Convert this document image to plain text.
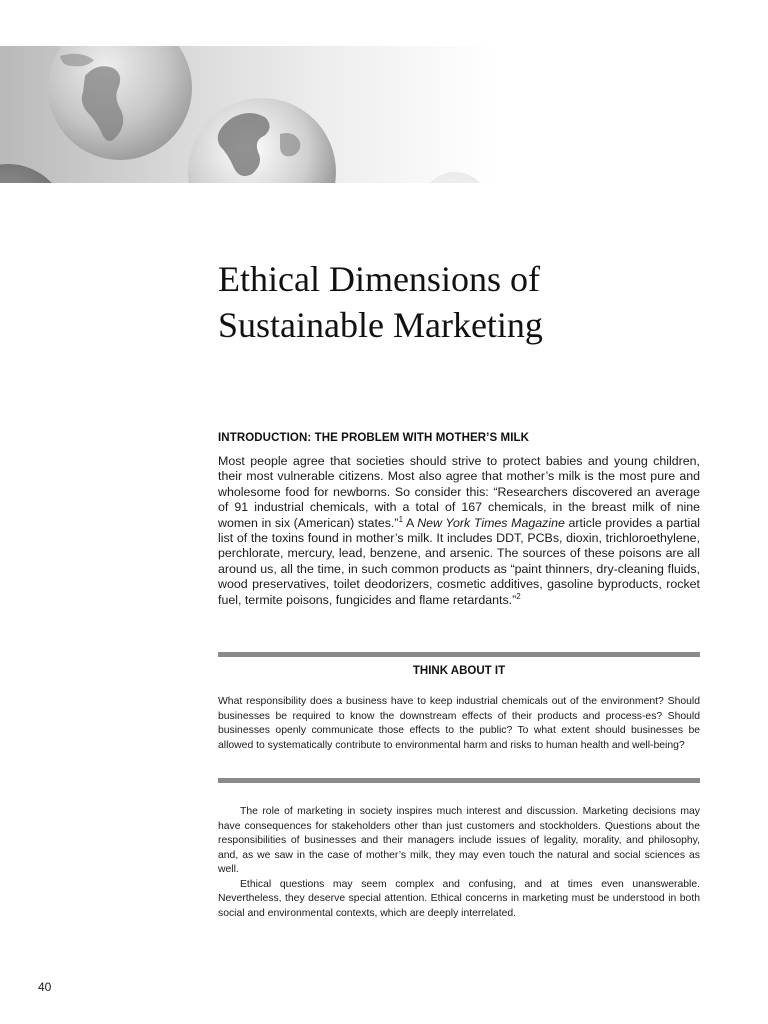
Ethical Dimensions of
Sustainable Marketing
INTRODUCTION: THE PROBLEM WITH MOTHER’S MILK

Most people agree that societies should strive to protect babies and young children, their most vulnerable citizens. Most also agree that mother’s milk is the most pure and wholesome food for newborns. So consider this: “Researchers discovered an average of 91 industrial chemicals, with a total of 167 chemicals, in the breast milk of nine women in six (American) states.”$^1$ A New York Times Magazine article provides a partial list of the toxins found in mother’s milk. It includes DDT, PCBs, dioxin, trichloroethylene, perchlorate, mercury, lead, benzene, and arsenic. The sources of these poisons are all around us, all the time, in such common products as “paint thinners, dry-cleaning fluids, wood preservatives, toilet deodorizers, cosmetic additives, gasoline byproducts, rocket fuel, termite poisons, fungicides and flame retardants.”$^2$

THINK ABOUT IT

What responsibility does a business have to keep industrial chemicals out of the environment? Should businesses be required to know the downstream effects of their products and process-es? Should businesses openly communicate those effects to the public? To what extent should businesses be allowed to systematically contribute to environmental harm and risks to human health and well-being?

The role of marketing in society inspires much interest and discussion. Marketing decisions may have consequences for stakeholders other than just customers and stockholders. Questions about the responsibilities of businesses and their managers include issues of legality, morality, and philosophy, and, as we saw in the case of mother’s milk, they may even touch the natural and social sciences as well.

Ethical questions may seem complex and confusing, and at times even unanswerable. Nevertheless, they deserve special attention. Ethical concerns in marketing must be understood in both social and environmental contexts, which are deeply interrelated.

40
